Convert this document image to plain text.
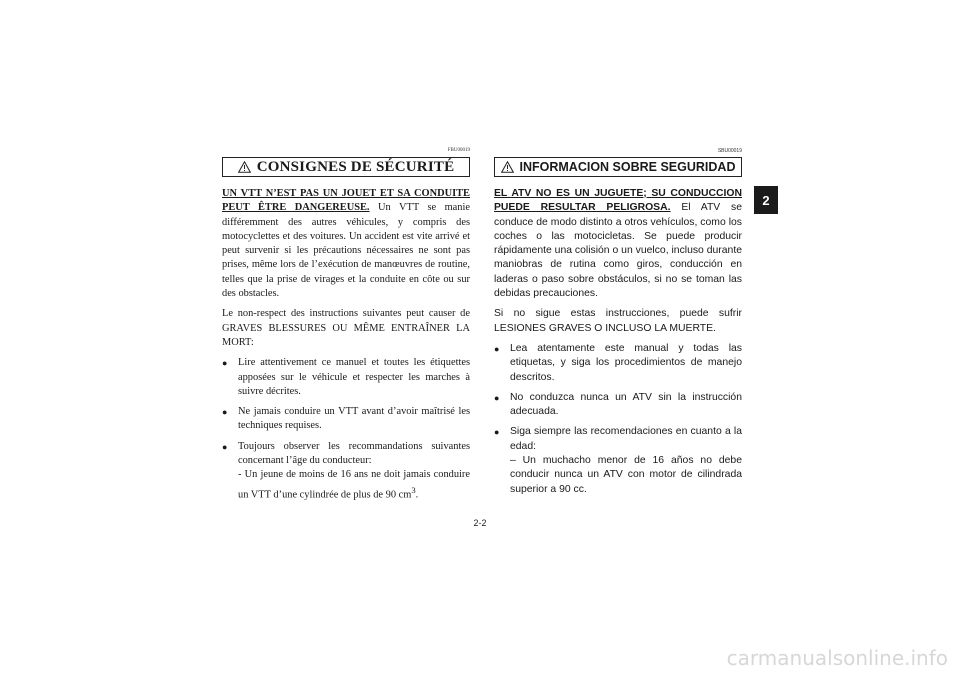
FBU00019
CONSIGNES DE SÉCURITÉ

UN VTT N’EST PAS UN JOUET ET SA CONDUITE PEUT ÊTRE DANGEREUSE. Un VTT se manie différemment des autres véhicules, y compris des motocyclettes et des voitures. Un accident est vite arrivé et peut survenir si les précautions nécessaires ne sont pas prises, même lors de l’exécution de manœuvres de routine, telles que la prise de virages et la conduite en côte ou sur des obstacles.

Le non-respect des instructions suivantes peut causer de GRAVES BLESSURES OU MÊME ENTRAÎNER LA MORT:

● Lire attentivement ce manuel et toutes les étiquettes apposées sur le véhicule et respecter les marches à suivre décrites.
● Ne jamais conduire un VTT avant d’avoir maîtrisé les techniques requises.
● Toujours observer les recommandations suivantes concernant l’âge du conducteur:
- Un jeune de moins de 16 ans ne doit jamais conduire un VTT d’une cylindrée de plus de 90 $cm^3$.
SBU00019
INFORMACION SOBRE SEGURIDAD

EL ATV NO ES UN JUGUETE; SU CONDUCCION PUEDE RESULTAR PELIGROSA. El ATV se conduce de modo distinto a otros vehículos, como los coches o las motocicletas. Se puede producir rápidamente una colisión o un vuelco, incluso durante maniobras de rutina como giros, conducción en laderas o paso sobre obstáculos, si no se toman las debidas precauciones.

Si no sigue estas instrucciones, puede sufrir LESIONES GRAVES O INCLUSO LA MUERTE.

● Lea atentamente este manual y todas las etiquetas, y siga los procedimientos de manejo descritos.
● No conduzca nunca un ATV sin la instrucción adecuada.
● Siga siempre las recomendaciones en cuanto a la edad:
– Un muchacho menor de 16 años no debe conducir nunca un ATV con motor de cilindrada superior a 90 cc.
2
2-2
carmanualsonline.info
